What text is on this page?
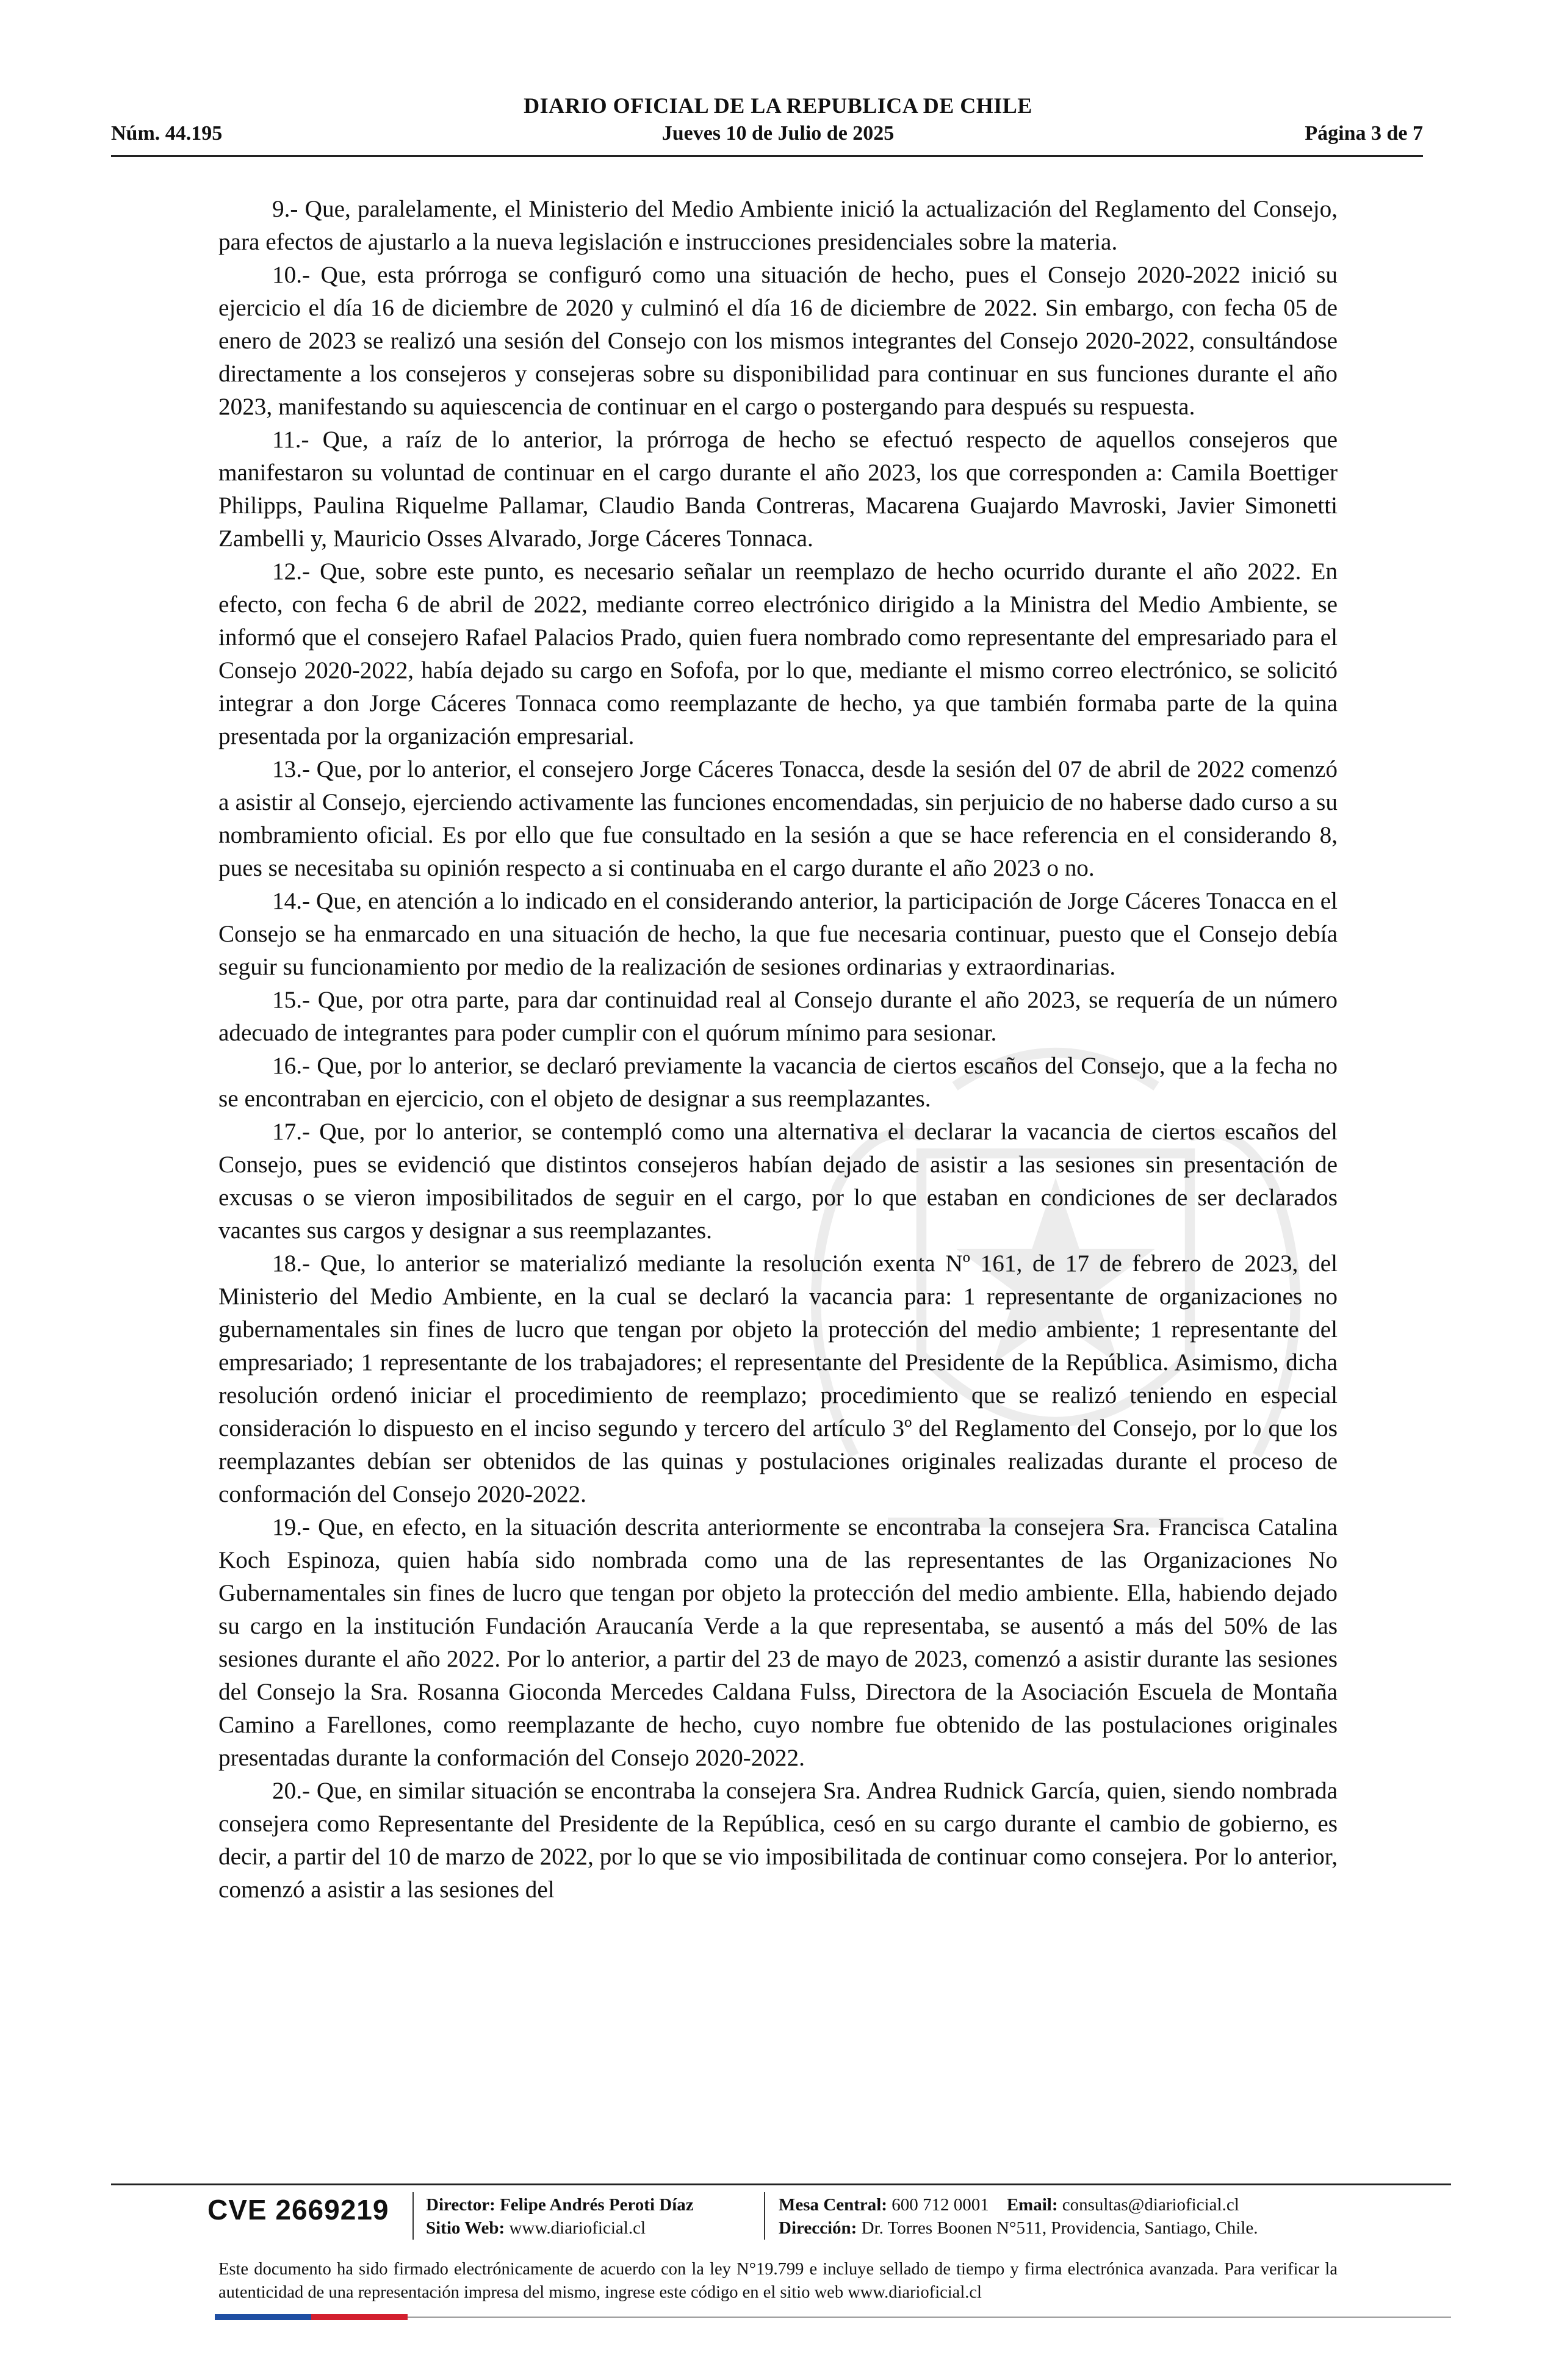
DIARIO OFICIAL DE LA REPUBLICA DE CHILE
Núm. 44.195	Jueves 10 de Julio de 2025	Página 3 de 7

9.- Que, paralelamente, el Ministerio del Medio Ambiente inició la actualización del Reglamento del Consejo, para efectos de ajustarlo a la nueva legislación e instrucciones presidenciales sobre la materia.

10.- Que, esta prórroga se configuró como una situación de hecho, pues el Consejo 2020-2022 inició su ejercicio el día 16 de diciembre de 2020 y culminó el día 16 de diciembre de 2022. Sin embargo, con fecha 05 de enero de 2023 se realizó una sesión del Consejo con los mismos integrantes del Consejo 2020-2022, consultándose directamente a los consejeros y consejeras sobre su disponibilidad para continuar en sus funciones durante el año 2023, manifestando su aquiescencia de continuar en el cargo o postergando para después su respuesta.

11.- Que, a raíz de lo anterior, la prórroga de hecho se efectuó respecto de aquellos consejeros que manifestaron su voluntad de continuar en el cargo durante el año 2023, los que corresponden a: Camila Boettiger Philipps, Paulina Riquelme Pallamar, Claudio Banda Contreras, Macarena Guajardo Mavroski, Javier Simonetti Zambelli y, Mauricio Osses Alvarado, Jorge Cáceres Tonnaca.

12.- Que, sobre este punto, es necesario señalar un reemplazo de hecho ocurrido durante el año 2022. En efecto, con fecha 6 de abril de 2022, mediante correo electrónico dirigido a la Ministra del Medio Ambiente, se informó que el consejero Rafael Palacios Prado, quien fuera nombrado como representante del empresariado para el Consejo 2020-2022, había dejado su cargo en Sofofa, por lo que, mediante el mismo correo electrónico, se solicitó integrar a don Jorge Cáceres Tonnaca como reemplazante de hecho, ya que también formaba parte de la quina presentada por la organización empresarial.

13.- Que, por lo anterior, el consejero Jorge Cáceres Tonacca, desde la sesión del 07 de abril de 2022 comenzó a asistir al Consejo, ejerciendo activamente las funciones encomendadas, sin perjuicio de no haberse dado curso a su nombramiento oficial. Es por ello que fue consultado en la sesión a que se hace referencia en el considerando 8, pues se necesitaba su opinión respecto a si continuaba en el cargo durante el año 2023 o no.

14.- Que, en atención a lo indicado en el considerando anterior, la participación de Jorge Cáceres Tonacca en el Consejo se ha enmarcado en una situación de hecho, la que fue necesaria continuar, puesto que el Consejo debía seguir su funcionamiento por medio de la realización de sesiones ordinarias y extraordinarias.

15.- Que, por otra parte, para dar continuidad real al Consejo durante el año 2023, se requería de un número adecuado de integrantes para poder cumplir con el quórum mínimo para sesionar.

16.- Que, por lo anterior, se declaró previamente la vacancia de ciertos escaños del Consejo, que a la fecha no se encontraban en ejercicio, con el objeto de designar a sus reemplazantes.

17.- Que, por lo anterior, se contempló como una alternativa el declarar la vacancia de ciertos escaños del Consejo, pues se evidenció que distintos consejeros habían dejado de asistir a las sesiones sin presentación de excusas o se vieron imposibilitados de seguir en el cargo, por lo que estaban en condiciones de ser declarados vacantes sus cargos y designar a sus reemplazantes.

18.- Que, lo anterior se materializó mediante la resolución exenta Nº 161, de 17 de febrero de 2023, del Ministerio del Medio Ambiente, en la cual se declaró la vacancia para: 1 representante de organizaciones no gubernamentales sin fines de lucro que tengan por objeto la protección del medio ambiente; 1 representante del empresariado; 1 representante de los trabajadores; el representante del Presidente de la República. Asimismo, dicha resolución ordenó iniciar el procedimiento de reemplazo; procedimiento que se realizó teniendo en especial consideración lo dispuesto en el inciso segundo y tercero del artículo 3º del Reglamento del Consejo, por lo que los reemplazantes debían ser obtenidos de las quinas y postulaciones originales realizadas durante el proceso de conformación del Consejo 2020-2022.

19.- Que, en efecto, en la situación descrita anteriormente se encontraba la consejera Sra. Francisca Catalina Koch Espinoza, quien había sido nombrada como una de las representantes de las Organizaciones No Gubernamentales sin fines de lucro que tengan por objeto la protección del medio ambiente. Ella, habiendo dejado su cargo en la institución Fundación Araucanía Verde a la que representaba, se ausentó a más del 50% de las sesiones durante el año 2022. Por lo anterior, a partir del 23 de mayo de 2023, comenzó a asistir durante las sesiones del Consejo la Sra. Rosanna Gioconda Mercedes Caldana Fulss, Directora de la Asociación Escuela de Montaña Camino a Farellones, como reemplazante de hecho, cuyo nombre fue obtenido de las postulaciones originales presentadas durante la conformación del Consejo 2020-2022.

20.- Que, en similar situación se encontraba la consejera Sra. Andrea Rudnick García, quien, siendo nombrada consejera como Representante del Presidente de la República, cesó en su cargo durante el cambio de gobierno, es decir, a partir del 10 de marzo de 2022, por lo que se vio imposibilitada de continuar como consejera. Por lo anterior, comenzó a asistir a las sesiones del

CVE 2669219 Director: Felipe Andrés Peroti Díaz
Sitio Web: www.diarioficial.cl
Mesa Central: 600 712 0001 Email: consultas@diarioficial.cl
Dirección: Dr. Torres Boonen N°511, Providencia, Santiago, Chile.
Este documento ha sido firmado electrónicamente de acuerdo con la ley N°19.799 e incluye sellado de tiempo y firma electrónica avanzada. Para verificar la autenticidad de una representación impresa del mismo, ingrese este código en el sitio web www.diarioficial.cl
